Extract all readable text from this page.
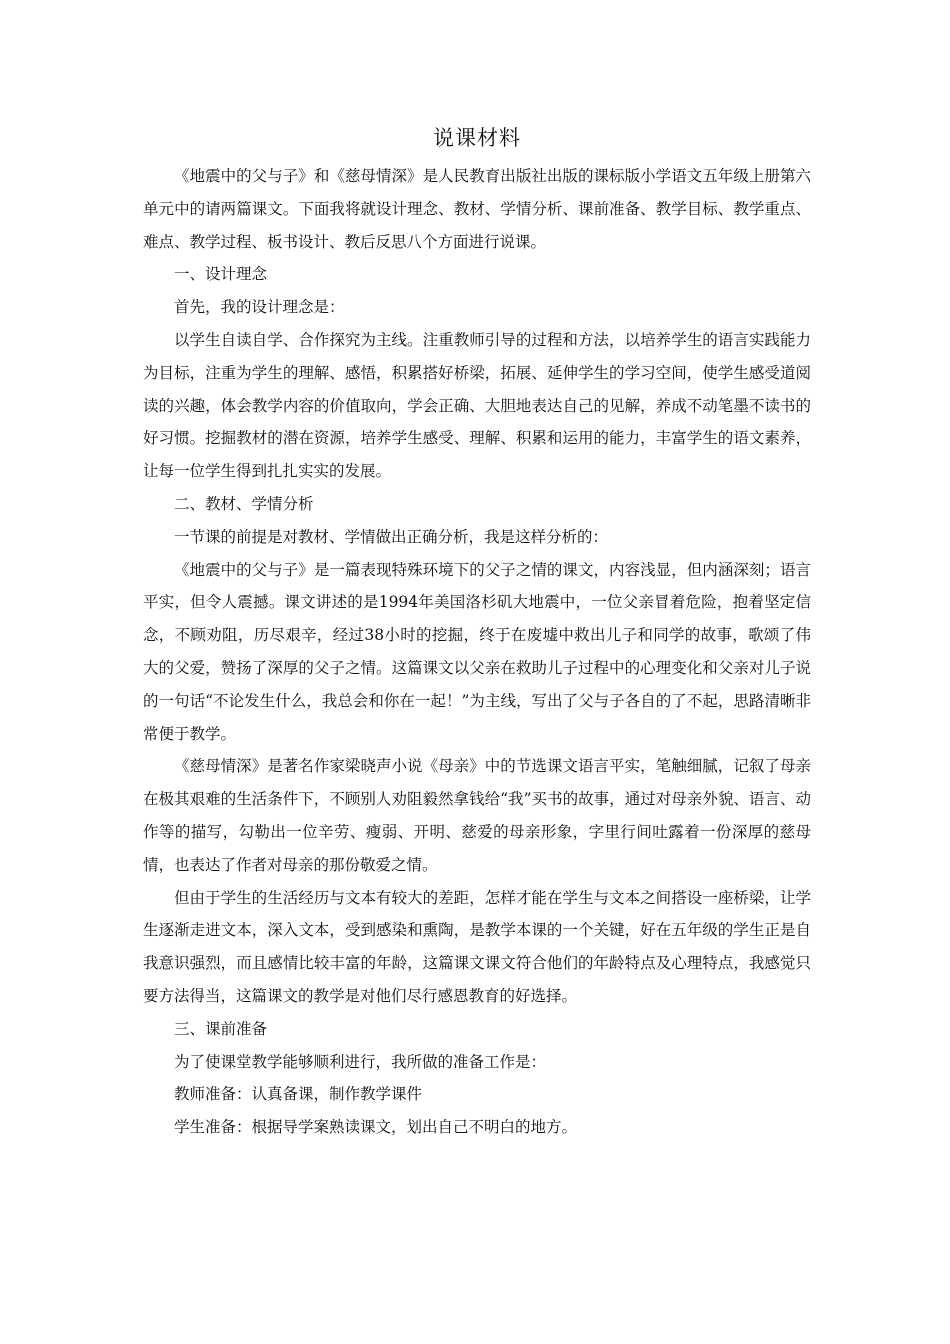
说课材料

《地震中的父与子》和《慈母情深》是人民教育出版社出版的课标版小学语文五年级上册第六单元中的请两篇课文。下面我将就设计理念、教材、学情分析、课前准备、教学目标、教学重点、难点、教学过程、板书设计、教后反思八个方面进行说课。

一、设计理念

首先，我的设计理念是：

以学生自读自学、合作探究为主线。注重教师引导的过程和方法，以培养学生的语言实践能力为目标，注重为学生的理解、感悟，积累搭好桥梁，拓展、延伸学生的学习空间，使学生感受道阅读的兴趣，体会教学内容的价值取向，学会正确、大胆地表达自己的见解，养成不动笔墨不读书的好习惯。挖掘教材的潜在资源，培养学生感受、理解、积累和运用的能力，丰富学生的语文素养，让每一位学生得到扎扎实实的发展。

二、教材、学情分析

一节课的前提是对教材、学情做出正确分析，我是这样分析的：

《地震中的父与子》是一篇表现特殊环境下的父子之情的课文，内容浅显，但内涵深刻；语言平实，但令人震撼。课文讲述的是1994年美国洛杉矶大地震中，一位父亲冒着危险，抱着坚定信念，不顾劝阻，历尽艰辛，经过38小时的挖掘，终于在废墟中救出儿子和同学的故事，歌颂了伟大的父爱，赞扬了深厚的父子之情。这篇课文以父亲在救助儿子过程中的心理变化和父亲对儿子说的一句话“不论发生什么，我总会和你在一起！”为主线，写出了父与子各自的了不起，思路清晰非常便于教学。

《慈母情深》是著名作家梁晓声小说《母亲》中的节选课文语言平实，笔触细腻，记叙了母亲在极其艰难的生活条件下，不顾别人劝阻毅然拿钱给“我”买书的故事，通过对母亲外貌、语言、动作等的描写，勾勒出一位辛劳、瘦弱、开明、慈爱的母亲形象，字里行间吐露着一份深厚的慈母情，也表达了作者对母亲的那份敬爱之情。

但由于学生的生活经历与文本有较大的差距，怎样才能在学生与文本之间搭设一座桥梁，让学生逐渐走进文本，深入文本，受到感染和熏陶，是教学本课的一个关键，好在五年级的学生正是自我意识强烈，而且感情比较丰富的年龄，这篇课文课文符合他们的年龄特点及心理特点，我感觉只要方法得当，这篇课文的教学是对他们尽行感恩教育的好选择。

三、课前准备

为了使课堂教学能够顺利进行，我所做的准备工作是：

教师准备：认真备课，制作教学课件

学生准备：根据导学案熟读课文，划出自己不明白的地方。
